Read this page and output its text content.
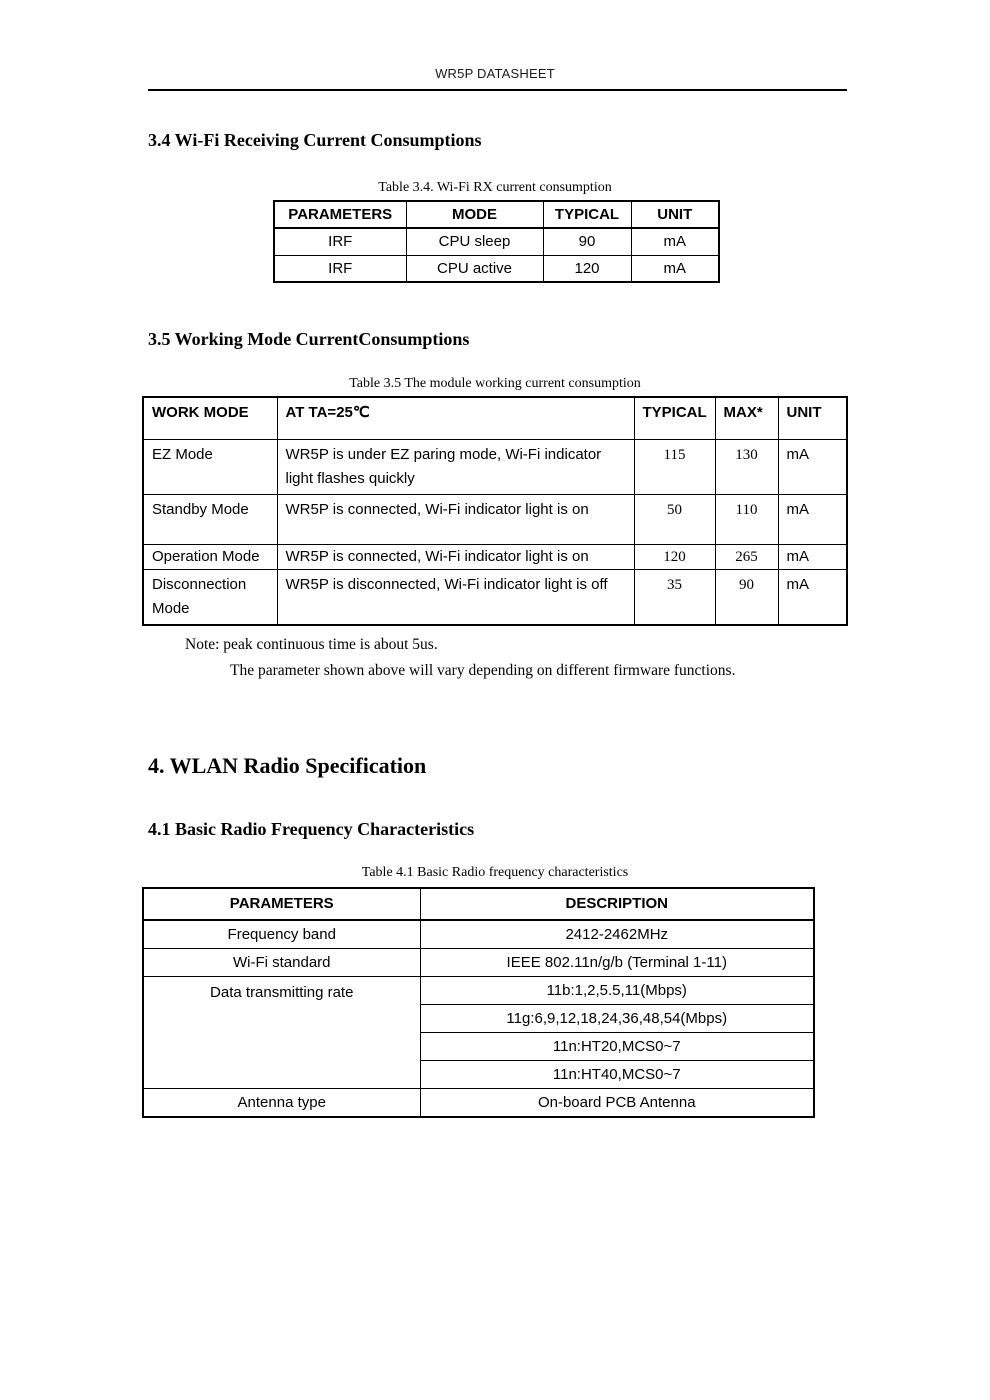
WR5P DATASHEET
3.4 Wi-Fi Receiving Current Consumptions
Table 3.4. Wi-Fi RX current consumption
PARAMETERS	MODE	TYPICAL	UNIT
IRF	CPU sleep	90	mA
IRF	CPU active	120	mA
3.5 Working Mode CurrentConsumptions
Table 3.5 The module working current consumption
WORK MODE	AT TA=25℃	TYPICAL	MAX*	UNIT
EZ Mode	WR5P is under EZ paring mode, Wi-Fi indicator light flashes quickly	115	130	mA
Standby Mode	WR5P is connected, Wi-Fi indicator light is on	50	110	mA
Operation Mode	WR5P is connected, Wi-Fi indicator light is on	120	265	mA
Disconnection Mode	WR5P is disconnected, Wi-Fi indicator light is off	35	90	mA
Note: peak continuous time is about 5us.
The parameter shown above will vary depending on different firmware functions.
4. WLAN Radio Specification
4.1 Basic Radio Frequency Characteristics
Table 4.1 Basic Radio frequency characteristics
PARAMETERS	DESCRIPTION
Frequency band	2412-2462MHz
Wi-Fi standard	IEEE 802.11n/g/b (Terminal 1-11)
Data transmitting rate	11b:1,2,5.5,11(Mbps)
	11g:6,9,12,18,24,36,48,54(Mbps)
	11n:HT20,MCS0~7
	11n:HT40,MCS0~7
Antenna type	On-board PCB Antenna
